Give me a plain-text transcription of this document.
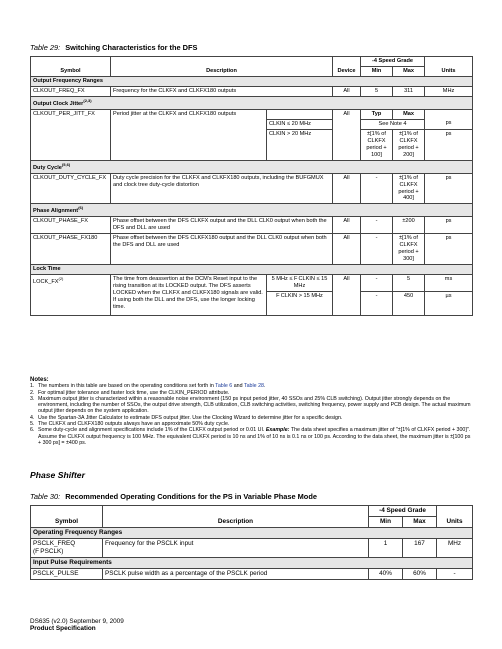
Table 29: Switching Characteristics for the DFS
Symbol	Description		Device	-4 Speed Grade		Units
				Min	Max	
Output Frequency Ranges						
CLKOUT_FREQ_FX	Frequency for the CLKFX and CLKFX180 outputs		All	5	311	MHz
Output Clock Jitter$^{(2,3)}$
CLKOUT_PER_JITT_FX	Period jitter at the CLKFX and CLKFX180 outputs		All	Typ	Max	
		CLKIN ≤ 20 MHz		See Note 4		ps
		CLKIN > 20 MHz		±[1% of CLKFX period + 100]	±[1% of CLKFX period + 200]	ps
Duty Cycle$^{(5,6)}$
CLKOUT_DUTY_CYCLE_FX	Duty cycle precision for the CLKFX and CLKFX180 outputs, including the BUFGMUX and clock tree duty-cycle distortion		All	-	±[1% of CLKFX period + 400]	ps
Phase Alignment$^{(6)}$
CLKOUT_PHASE_FX	Phase offset between the DFS CLKFX output and the DLL CLK0 output when both the DFS and DLL are used		All	-	±200	ps
CLKOUT_PHASE_FX180	Phase offset between the DFS CLKFX180 output and the DLL CLK0 output when both the DFS and DLL are used		All	-	±[1% of CLKFX period + 300]	ps
Lock Time						
LOCK_FX$^{(2)}$	The time from deassertion at the DCM's Reset input to the rising transition at its LOCKED output. The DFS asserts LOCKED when the CLKFX and CLKFX180 signals are valid. If using both the DLL and the DFS, use the longer locking time.	5 MHz ≤ F CLKIN ≤ 15 MHz	All	-	5	ms
		F CLKIN > 15 MHz		-	450	µs
Notes:
1. The numbers in this table are based on the operating conditions set forth in Table 6 and Table 28.
2. For optimal jitter tolerance and faster lock time, use the CLKIN_PERIOD attribute.
3. Maximum output jitter is characterized within a reasonable noise environment (150 ps input period jitter, 40 SSOs and 25% CLB switching). Output jitter strongly depends on the environment, including the number of SSOs, the output drive strength, CLB utilization, CLB switching activities, switching frequency, power supply and PCB design. The actual maximum output jitter depends on the system application.
4. Use the Spartan-3A Jitter Calculator to estimate DFS output jitter. Use the Clocking Wizard to determine jitter for a specific design.
5. The CLKFX and CLKFX180 outputs always have an approximate 50% duty cycle.
6. Some duty-cycle and alignment specifications include 1% of the CLKFX output period or 0.01 UI. Example: The data sheet specifies a maximum jitter of "±[1% of CLKFX period + 300]". Assume the CLKFX output frequency is 100 MHz. The equivalent CLKFX period is 10 ns and 1% of 10 ns is 0.1 ns or 100 ps. According to the data sheet, the maximum jitter is ±[100 ps + 300 ps] = ±400 ps.
Phase Shifter
Table 30: Recommended Operating Conditions for the PS in Variable Phase Mode
Symbol	Description	-4 Speed Grade		Units
		Min	Max	
Operating Frequency Ranges				

PSCLK_FREQ
(F PSCLK)	Frequency for the PSCLK input	1	167	MHz
Input Pulse Requirements				
PSCLK_PULSE	PSCLK pulse width as a percentage of the PSCLK period	40%	60%	-
DS635 (v2.0) September 9, 2009
Product Specification
